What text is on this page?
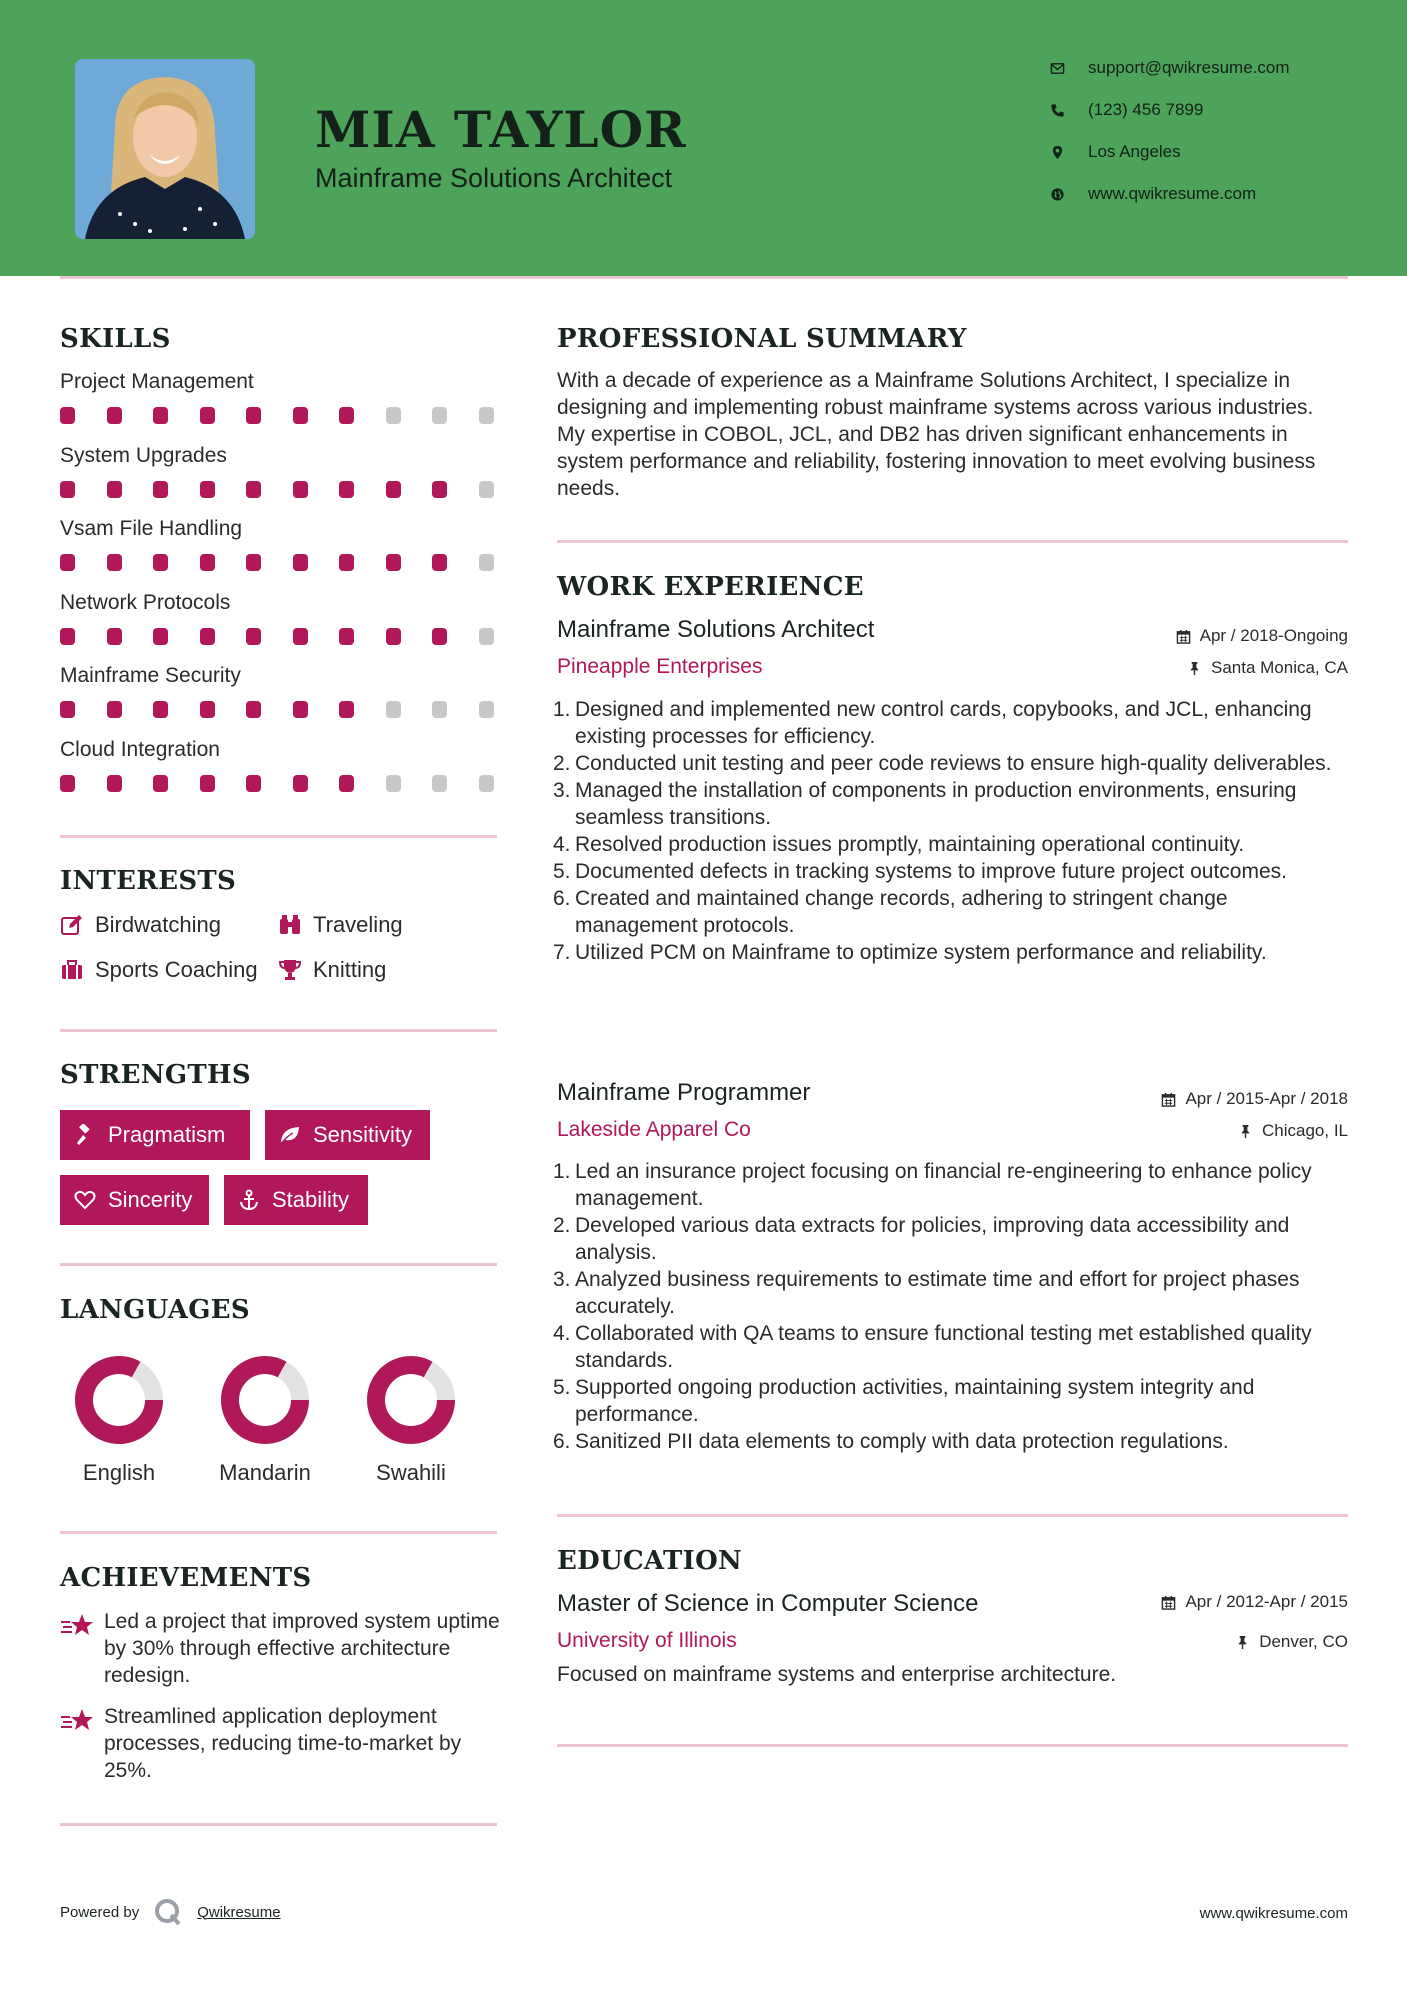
MIA TAYLOR
Mainframe Solutions Architect
support@qwikresume.com
(123) 456 7899
Los Angeles
www.qwikresume.com
SKILLS
Project Management
System Upgrades
Vsam File Handling
Network Protocols
Mainframe Security
Cloud Integration
INTERESTS
Birdwatching	Traveling
Sports Coaching	Knitting
STRENGTHS
Pragmatism	Sensitivity
Sincerity	Stability
LANGUAGES
English	Mandarin	Swahili
ACHIEVEMENTS

Led a project that improved system uptime by 30% through effective architecture redesign.

Streamlined application deployment processes, reducing time-to-market by 25%.

PROFESSIONAL SUMMARY
With a decade of experience as a Mainframe Solutions Architect, I specialize in designing and implementing robust mainframe systems across various industries. My expertise in COBOL, JCL, and DB2 has driven significant enhancements in system performance and reliability, fostering innovation to meet evolving business needs.
WORK EXPERIENCE
Mainframe Solutions Architect
Pineapple Enterprises
Apr / 2018-Ongoing
Santa Monica, CA
1. Designed and implemented new control cards, copybooks, and JCL, enhancing existing processes for efficiency.
2. Conducted unit testing and peer code reviews to ensure high-quality deliverables.
3. Managed the installation of components in production environments, ensuring seamless transitions.
4. Resolved production issues promptly, maintaining operational continuity.
5. Documented defects in tracking systems to improve future project outcomes.
6. Created and maintained change records, adhering to stringent change management protocols.
7. Utilized PCM on Mainframe to optimize system performance and reliability.
Mainframe Programmer
Lakeside Apparel Co
Apr / 2015-Apr / 2018
Chicago, IL
1. Led an insurance project focusing on financial re-engineering to enhance policy management.
2. Developed various data extracts for policies, improving data accessibility and analysis.
3. Analyzed business requirements to estimate time and effort for project phases accurately.
4. Collaborated with QA teams to ensure functional testing met established quality standards.
5. Supported ongoing production activities, maintaining system integrity and performance.
6. Sanitized PII data elements to comply with data protection regulations.
EDUCATION
Master of Science in Computer Science
University of Illinois
Apr / 2012-Apr / 2015
Denver, CO
Focused on mainframe systems and enterprise architecture.
Powered by	Qwikresume	www.qwikresume.com
